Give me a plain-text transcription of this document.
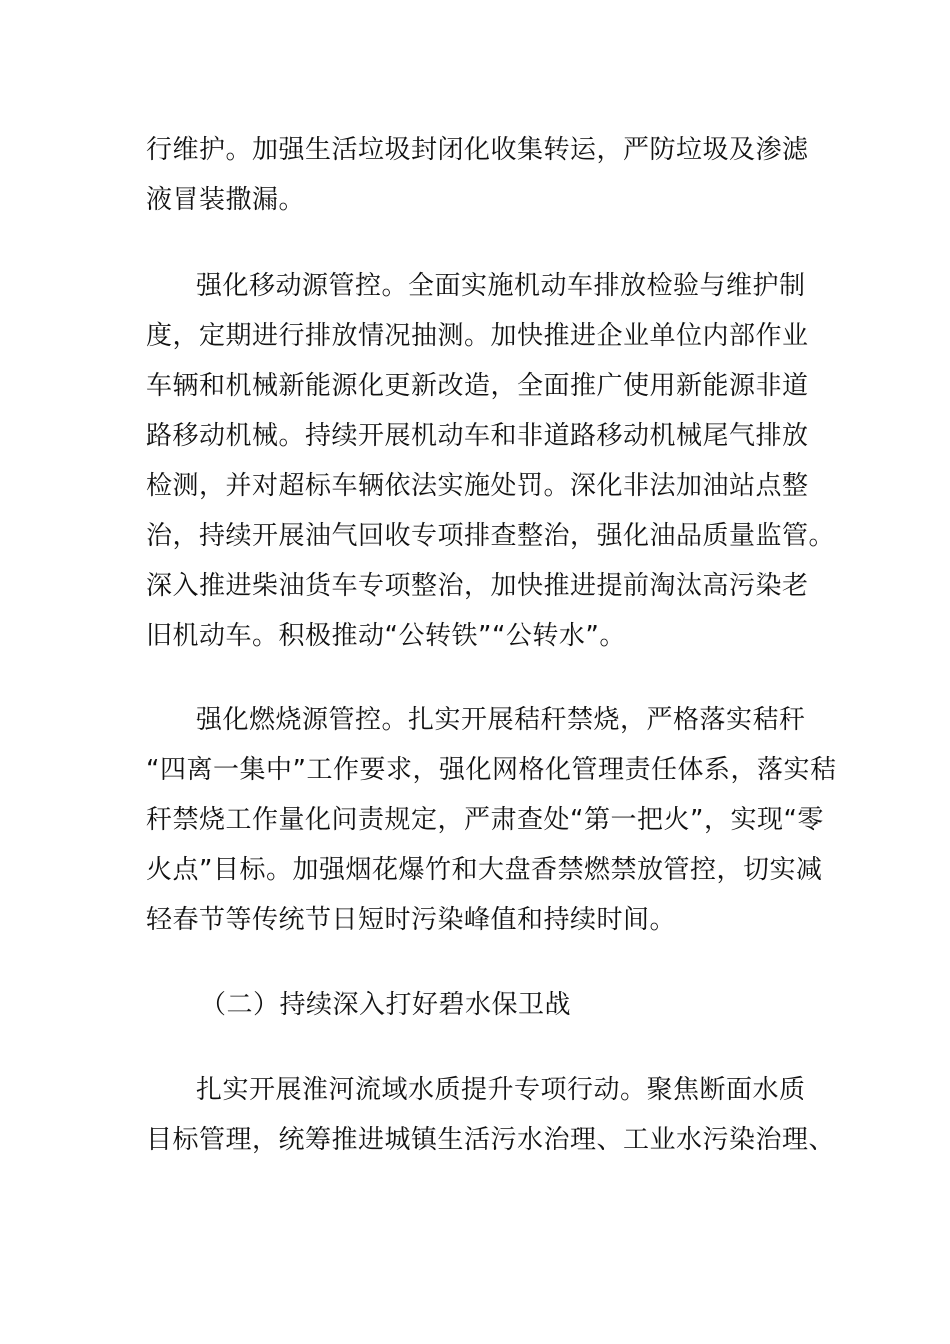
行维护。加强生活垃圾封闭化收集转运，严防垃圾及渗滤
液冒装撒漏。
强化移动源管控。全面实施机动车排放检验与维护制
度，定期进行排放情况抽测。加快推进企业单位内部作业
车辆和机械新能源化更新改造，全面推广使用新能源非道
路移动机械。持续开展机动车和非道路移动机械尾气排放
检测，并对超标车辆依法实施处罚。深化非法加油站点整
治，持续开展油气回收专项排查整治，强化油品质量监管。
深入推进柴油货车专项整治，加快推进提前淘汰高污染老
旧机动车。积极推动“公转铁”“公转水”。
强化燃烧源管控。扎实开展秸秆禁烧，严格落实秸秆
“四离一集中”工作要求，强化网格化管理责任体系，落实秸
秆禁烧工作量化问责规定，严肃查处“第一把火”，实现“零
火点”目标。加强烟花爆竹和大盘香禁燃禁放管控，切实减
轻春节等传统节日短时污染峰值和持续时间。
（二）持续深入打好碧水保卫战
扎实开展淮河流域水质提升专项行动。聚焦断面水质
目标管理，统筹推进城镇生活污水治理、工业水污染治理、
